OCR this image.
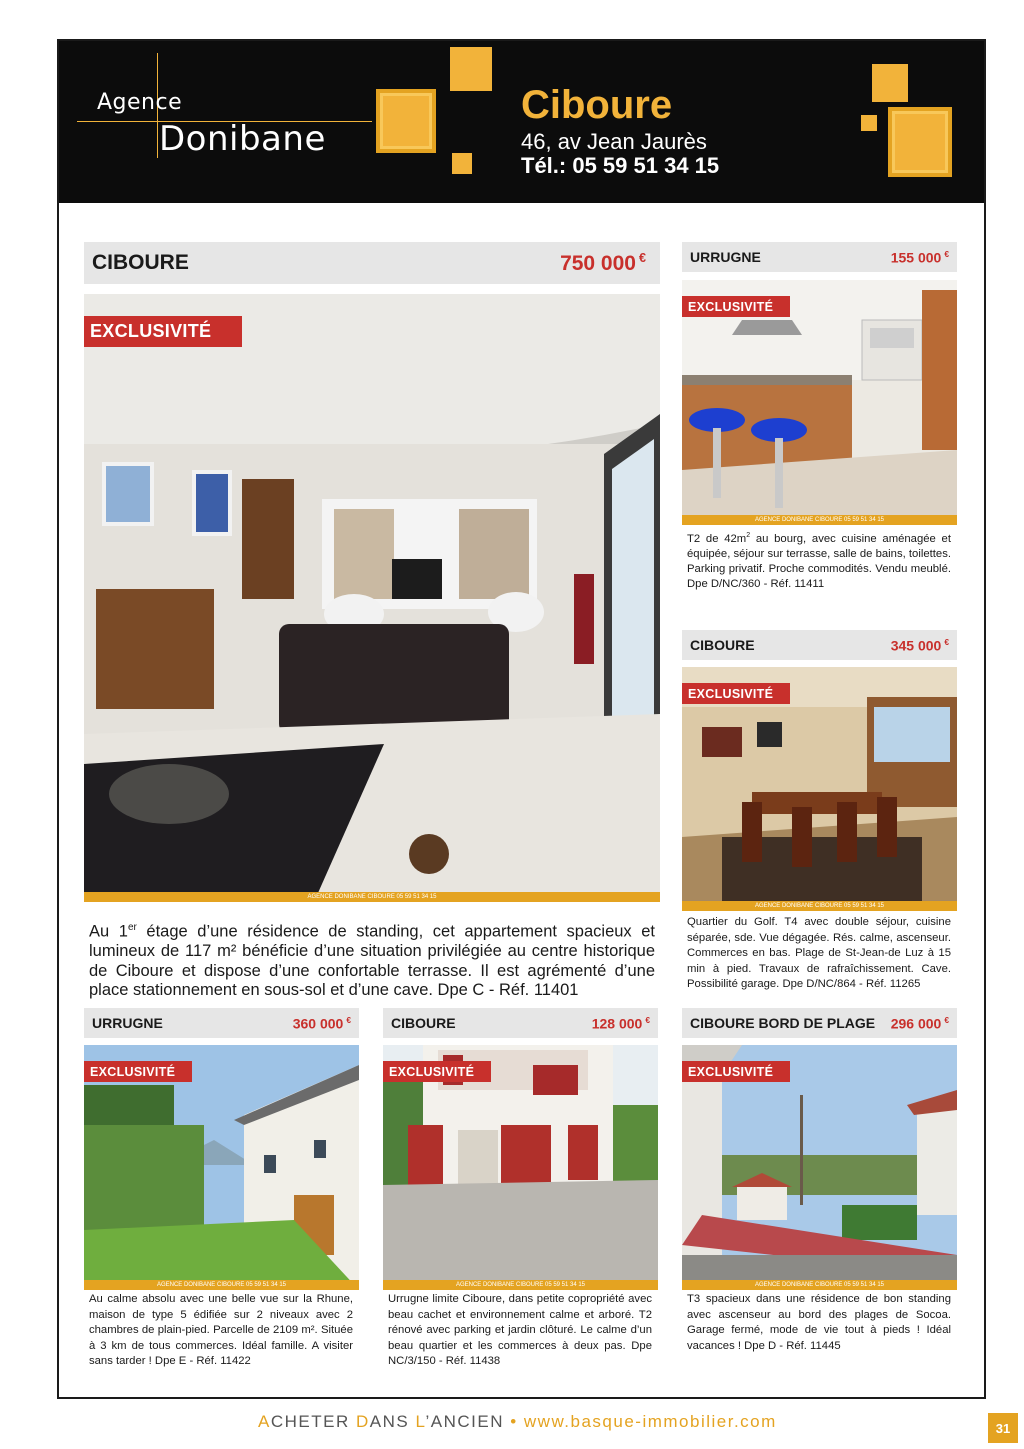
Agence
Donibane
Ciboure
46, av Jean Jaurès
Tél.: 05 59 51 34 15
CIBOURE	750 000 €
EXCLUSIVITÉ
AGENCE DONIBANE CIBOURE 05 59 51 34 15
Au 1er étage d’une résidence de standing, cet appartement spacieux et lumineux de 117 m² bénéficie d’une situation privilégiée au centre historique de Ciboure et dispose d’une confortable terrasse. Il est agrémenté d’une place stationnement en sous-sol et d’une cave. Dpe C - Réf. 11401
URRUGNE	155 000 €
EXCLUSIVITÉ
AGENCE DONIBANE CIBOURE 05 59 51 34 15
T2 de $42m^2$ au bourg, avec cuisine aménagée et équipée, séjour sur terrasse, salle de bains, toilettes. Parking privatif. Proche commodités. Vendu meublé. Dpe D/NC/360 - Réf. 11411
CIBOURE	345 000 €
EXCLUSIVITÉ
AGENCE DONIBANE CIBOURE 05 59 51 34 15
Quartier du Golf. T4 avec double séjour, cuisine séparée, sde. Vue dégagée. Rés. calme, ascenseur. Commerces en bas. Plage de St-Jean-de Luz à 15 min à pied. Travaux de rafraîchissement. Cave. Possibilité garage. Dpe D/NC/864 - Réf. 11265
URRUGNE	360 000 €
EXCLUSIVITÉ
AGENCE DONIBANE CIBOURE 05 59 51 34 15
Au calme absolu avec une belle vue sur la Rhune, maison de type 5 édifiée sur 2 niveaux avec 2 chambres de plain-pied. Parcelle de 2109 m². Située à 3 km de tous commerces. Idéal famille. A visiter sans tarder ! Dpe E - Réf. 11422
CIBOURE	128 000 €
EXCLUSIVITÉ
AGENCE DONIBANE CIBOURE 05 59 51 34 15
Urrugne limite Ciboure, dans petite copropriété avec beau cachet et environnement calme et arboré. T2 rénové avec parking et jardin clôturé. Le calme d’un beau quartier et les commerces à deux pas. Dpe NC/3/150 - Réf. 11438
CIBOURE BORD DE PLAGE 296 000 €
EXCLUSIVITÉ
AGENCE DONIBANE CIBOURE 05 59 51 34 15
T3 spacieux dans une résidence de bon standing avec ascenseur au bord des plages de Socoa. Garage fermé, mode de vie tout à pieds ! Idéal vacances ! Dpe D - Réf. 11445
ACHETER DANS L’ANCIEN • www.basque-immobilier.com	31
